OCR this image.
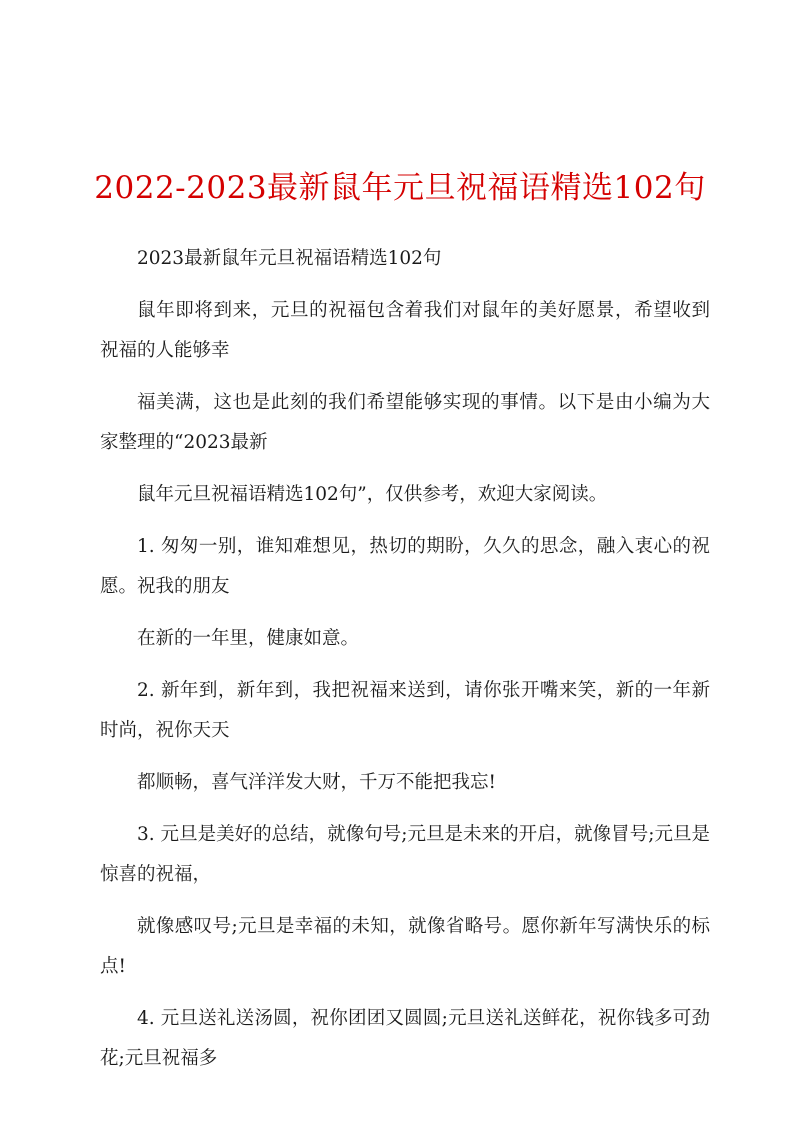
2022-2023最新鼠年元旦祝福语精选102句

2023最新鼠年元旦祝福语精选102句

鼠年即将到来，元旦的祝福包含着我们对鼠年的美好愿景，希望收到祝福的人能够幸

福美满，这也是此刻的我们希望能够实现的事情。以下是由小编为大家整理的“2023最新

鼠年元旦祝福语精选102句”，仅供参考，欢迎大家阅读。

1. 匆匆一别，谁知难想见，热切的期盼，久久的思念，融入衷心的祝愿。祝我的朋友

在新的一年里，健康如意。

2. 新年到，新年到，我把祝福来送到，请你张开嘴来笑，新的一年新时尚，祝你天天

都顺畅，喜气洋洋发大财，千万不能把我忘!

3. 元旦是美好的总结，就像句号;元旦是未来的开启，就像冒号;元旦是惊喜的祝福，

就像感叹号;元旦是幸福的未知，就像省略号。愿你新年写满快乐的标点!

4. 元旦送礼送汤圆，祝你团团又圆圆;元旦送礼送鲜花，祝你钱多可劲花;元旦祝福多
